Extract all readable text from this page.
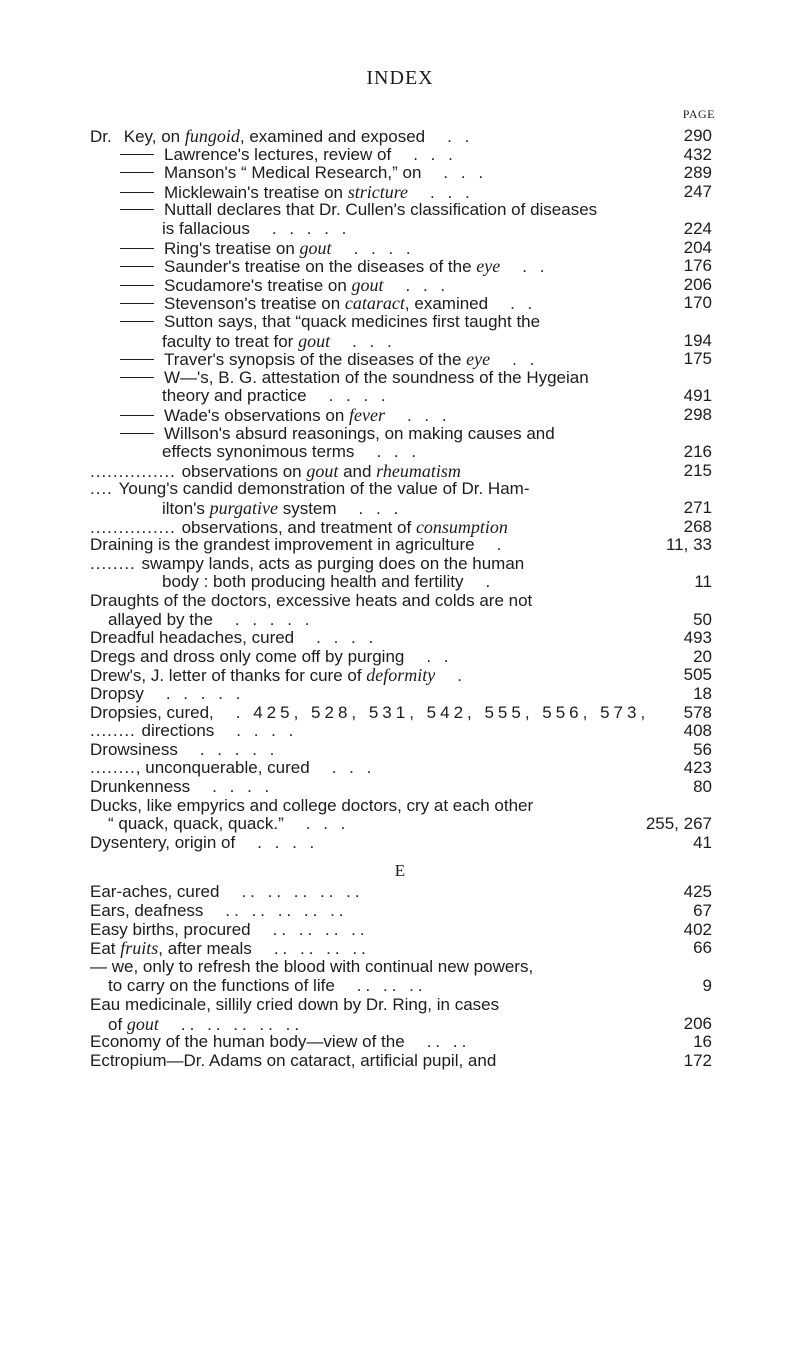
INDEX
PAGE
Dr. Key, on fungoid, examined and exposed . .	290
Lawrence's lectures, review of . . .	432
Manson's “ Medical Research,” on . . .	289
Micklewain's treatise on stricture . . .	247
Nuttall declares that Dr. Cullen's classification of diseases
is fallacious . . . . .	224
Ring's treatise on gout . . . .	204
Saunder's treatise on the diseases of the eye . .	176
Scudamore's treatise on gout . . .	206
Stevenson's treatise on cataract, examined . .	170
Sutton says, that “quack medicines first taught the
faculty to treat for gout . . .	194
Traver's synopsis of the diseases of the eye . .	175
W—'s, B. G. attestation of the soundness of the Hygeian
theory and practice . . . .	491
Wade's observations on fever . . .	298
Willson's absurd reasonings, on making causes and
effects synonimous terms . . .	216
............... observations on gout and rheumatism	215
.... Young's candid demonstration of the value of Dr. Ham-
ilton's purgative system . . .	271
............... observations, and treatment of consumption	268
Draining is the grandest improvement in agriculture .	11, 33
........ swampy lands, acts as purging does on the human
body : both producing health and fertility .	11
Draughts of the doctors, excessive heats and colds are not
allayed by the . . . . .	50
Dreadful headaches, cured . . . .	493
Dregs and dross only come off by purging . .	20
Drew's, J. letter of thanks for cure of deformity .	505
Dropsy . . . . .	18
Dropsies, cured, . 425, 528, 531, 542, 555, 556, 573, 578
........ directions . . . .	408
Drowsiness . . . . .	56
........, unconquerable, cured . . .	423
Drunkenness . . . .	80
Ducks, like empyrics and college doctors, cry at each other
“ quack, quack, quack.” . . .	255, 267
Dysentery, origin of . . . .	41
E
Ear-aches, cured .. .. .. .. ..	425
Ears, deafness .. .. .. .. ..	67
Easy births, procured .. .. .. ..	402
Eat fruits, after meals .. .. .. ..	66
— we, only to refresh the blood with continual new powers,
to carry on the functions of life .. .. ..	9
Eau medicinale, sillily cried down by Dr. Ring, in cases
of gout .. .. .. .. ..	206
Economy of the human body—view of the .. ..	16
Ectropium—Dr. Adams on cataract, artificial pupil, and	172
